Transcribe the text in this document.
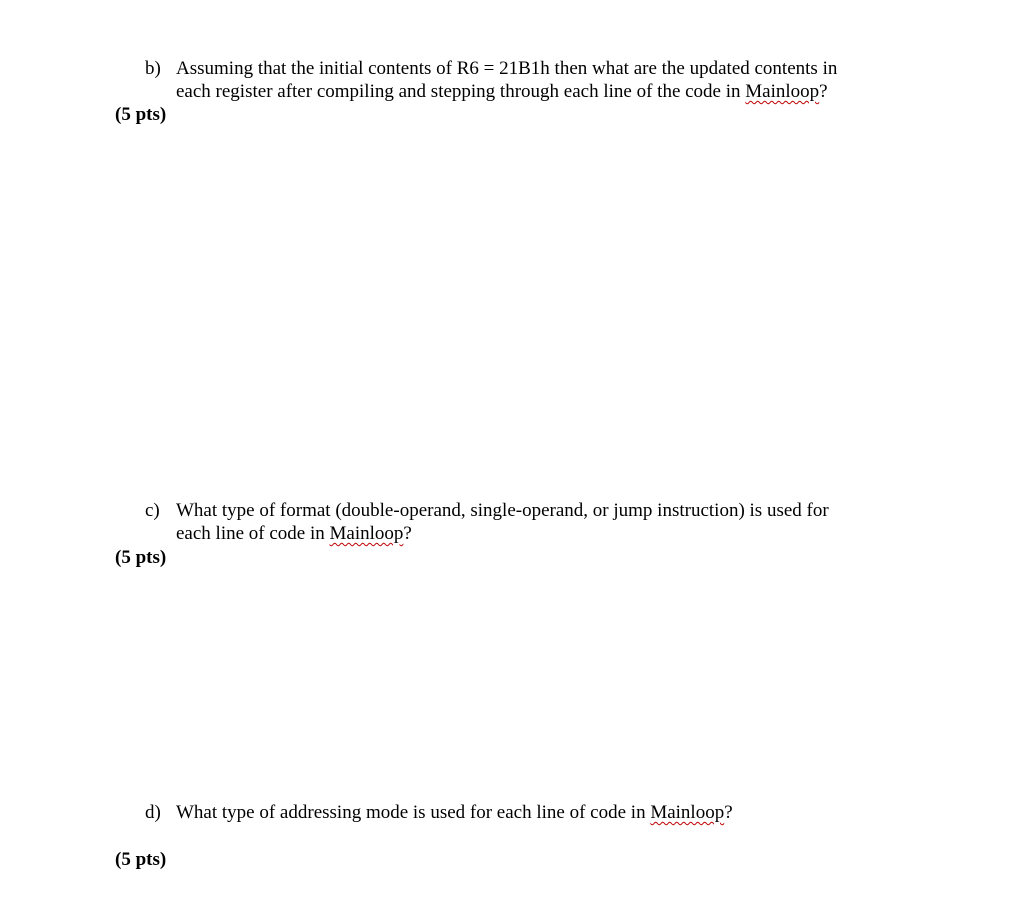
b) Assuming that the initial contents of R6 = 21B1h then what are the updated contents in
each register after compiling and stepping through each line of the code in Mainloop?
(5 pts)
c) What type of format (double-operand, single-operand, or jump instruction) is used for
each line of code in Mainloop?
(5 pts)
d) What type of addressing mode is used for each line of code in Mainloop?
(5 pts)
